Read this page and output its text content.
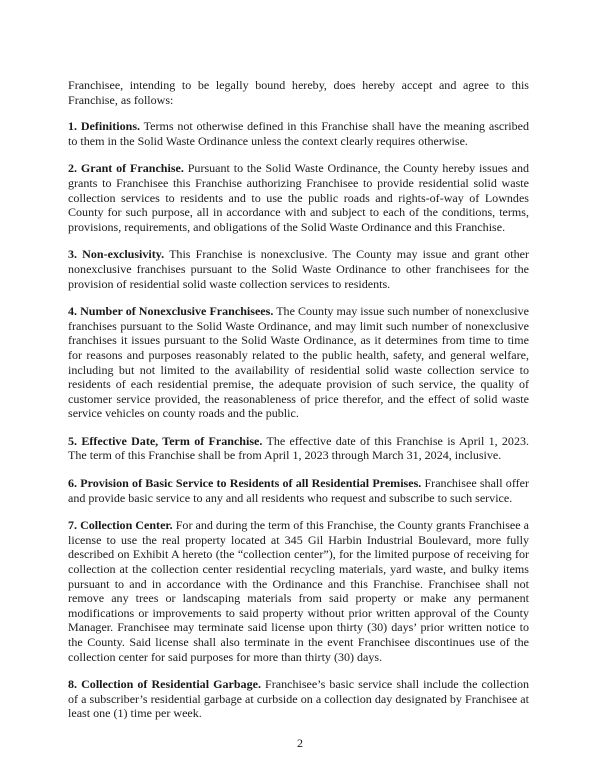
Franchisee, intending to be legally bound hereby, does hereby accept and agree to this Franchise, as follows:

1. Definitions. Terms not otherwise defined in this Franchise shall have the meaning ascribed to them in the Solid Waste Ordinance unless the context clearly requires otherwise.

2. Grant of Franchise. Pursuant to the Solid Waste Ordinance, the County hereby issues and grants to Franchisee this Franchise authorizing Franchisee to provide residential solid waste collection services to residents and to use the public roads and rights-of-way of Lowndes County for such purpose, all in accordance with and subject to each of the conditions, terms, provisions, requirements, and obligations of the Solid Waste Ordinance and this Franchise.

3. Non-exclusivity. This Franchise is nonexclusive. The County may issue and grant other nonexclusive franchises pursuant to the Solid Waste Ordinance to other franchisees for the provision of residential solid waste collection services to residents.

4. Number of Nonexclusive Franchisees. The County may issue such number of nonexclusive franchises pursuant to the Solid Waste Ordinance, and may limit such number of nonexclusive franchises it issues pursuant to the Solid Waste Ordinance, as it determines from time to time for reasons and purposes reasonably related to the public health, safety, and general welfare, including but not limited to the availability of residential solid waste collection service to residents of each residential premise, the adequate provision of such service, the quality of customer service provided, the reasonableness of price therefor, and the effect of solid waste service vehicles on county roads and the public.

5. Effective Date, Term of Franchise. The effective date of this Franchise is April 1, 2023. The term of this Franchise shall be from April 1, 2023 through March 31, 2024, inclusive.

6. Provision of Basic Service to Residents of all Residential Premises. Franchisee shall offer and provide basic service to any and all residents who request and subscribe to such service.

7. Collection Center. For and during the term of this Franchise, the County grants Franchisee a license to use the real property located at 345 Gil Harbin Industrial Boulevard, more fully described on Exhibit A hereto (the “collection center”), for the limited purpose of receiving for collection at the collection center residential recycling materials, yard waste, and bulky items pursuant to and in accordance with the Ordinance and this Franchise. Franchisee shall not remove any trees or landscaping materials from said property or make any permanent modifications or improvements to said property without prior written approval of the County Manager. Franchisee may terminate said license upon thirty (30) days’ prior written notice to the County. Said license shall also terminate in the event Franchisee discontinues use of the collection center for said purposes for more than thirty (30) days.

8. Collection of Residential Garbage. Franchisee’s basic service shall include the collection of a subscriber’s residential garbage at curbside on a collection day designated by Franchisee at least one (1) time per week.

2
